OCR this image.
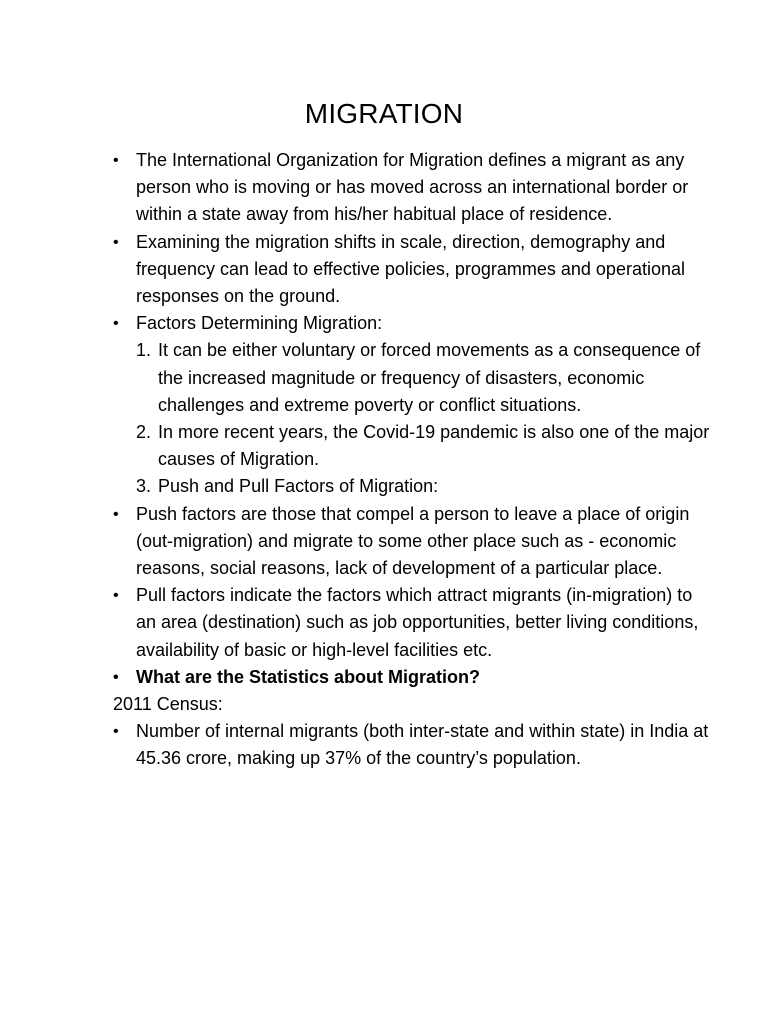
MIGRATION
• The International Organization for Migration defines a migrant as any person who is moving or has moved across an international border or within a state away from his/her habitual place of residence.
• Examining the migration shifts in scale, direction, demography and frequency can lead to effective policies, programmes and operational responses on the ground.
• Factors Determining Migration:
1. It can be either voluntary or forced movements as a consequence of the increased magnitude or frequency of disasters, economic challenges and extreme poverty or conflict situations.
2. In more recent years, the Covid-19 pandemic is also one of the major causes of Migration.
3. Push and Pull Factors of Migration:
• Push factors are those that compel a person to leave a place of origin (out-migration) and migrate to some other place such as - economic reasons, social reasons, lack of development of a particular place.
• Pull factors indicate the factors which attract migrants (in-migration) to an area (destination) such as job opportunities, better living conditions, availability of basic or high-level facilities etc.
• What are the Statistics about Migration?

2011 Census:

• Number of internal migrants (both inter-state and within state) in India at 45.36 crore, making up 37% of the country’s population.
